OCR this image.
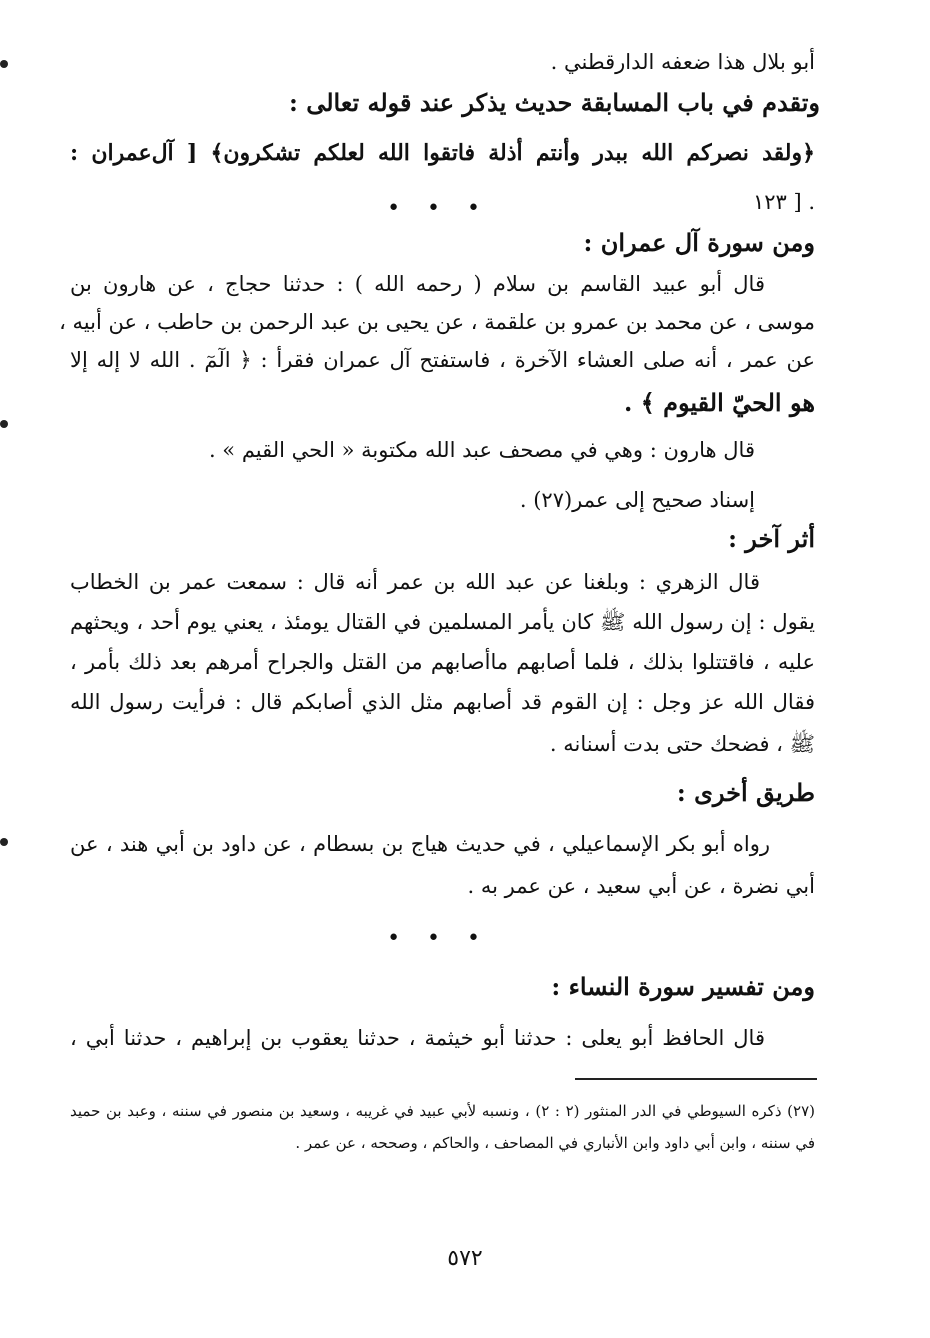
أبو بلال هذا ضعفه الدارقطني .
وتقدم في باب المسابقة حديث يذكر عند قوله تعالى :
﴿ولقد نصركم الله ببدر وأنتم أذلة فاتقوا الله لعلكم تشكرون﴾ [ آل‌عمران :
١٢٣ ] .
• • •
ومن سورة آل عمران :
قال أبو عبيد القاسم بن سلام ( رحمه الله ) : حدثنا حجاج ، عن هارون بن
موسى ، عن محمد بن عمرو بن علقمة ، عن يحيى بن عبد الرحمن بن حاطب ، عن أبيه ،
عن عمر ، أنه صلى العشاء الآخرة ، فاستفتح آل عمران فقرأ : ﴿ الٓمٓ . الله لا إله إلا
هو الحيّ القيوم ﴾ .
قال هارون : وهي في مصحف عبد الله مكتوبة « الحي القيم » .
إسناد صحيح إلى عمر(٢٧) .
أثر آخر :
قال الزهري : وبلغنا عن عبد الله بن عمر أنه قال : سمعت عمر بن الخطاب
يقول : إن رسول الله ﷺ كان يأمر المسلمين في القتال يومئذ ، يعني يوم أحد ، ويحثهم
عليه ، فاقتتلوا بذلك ، فلما أصابهم ماأصابهم من القتل والجراح أمرهم بعد ذلك بأمر ،
فقال الله عز وجل : إن القوم قد أصابهم مثل الذي أصابكم قال : فرأيت رسول الله
ﷺ ، فضحك حتى بدت أسنانه .
طريق أخرى :
رواه أبو بكر الإسماعيلي ، في حديث هياج بن بسطام ، عن داود بن أبي هند ، عن
أبي نضرة ، عن أبي سعيد ، عن عمر به .
• • •
ومن تفسير سورة النساء :
قال الحافظ أبو يعلى : حدثنا أبو خيثمة ، حدثنا يعقوب بن إبراهيم ، حدثنا أبي ،
(٢٧) ذكره السيوطي في الدر المنثور (٢ : ٢) ، ونسبه لأبي عبيد في غريبه ، وسعيد بن منصور في سننه ، وعبد بن حميد
في سننه ، وابن أبي داود وابن الأنباري في المصاحف ، والحاكم ، وصححه ، عن عمر .
٥٧٢
